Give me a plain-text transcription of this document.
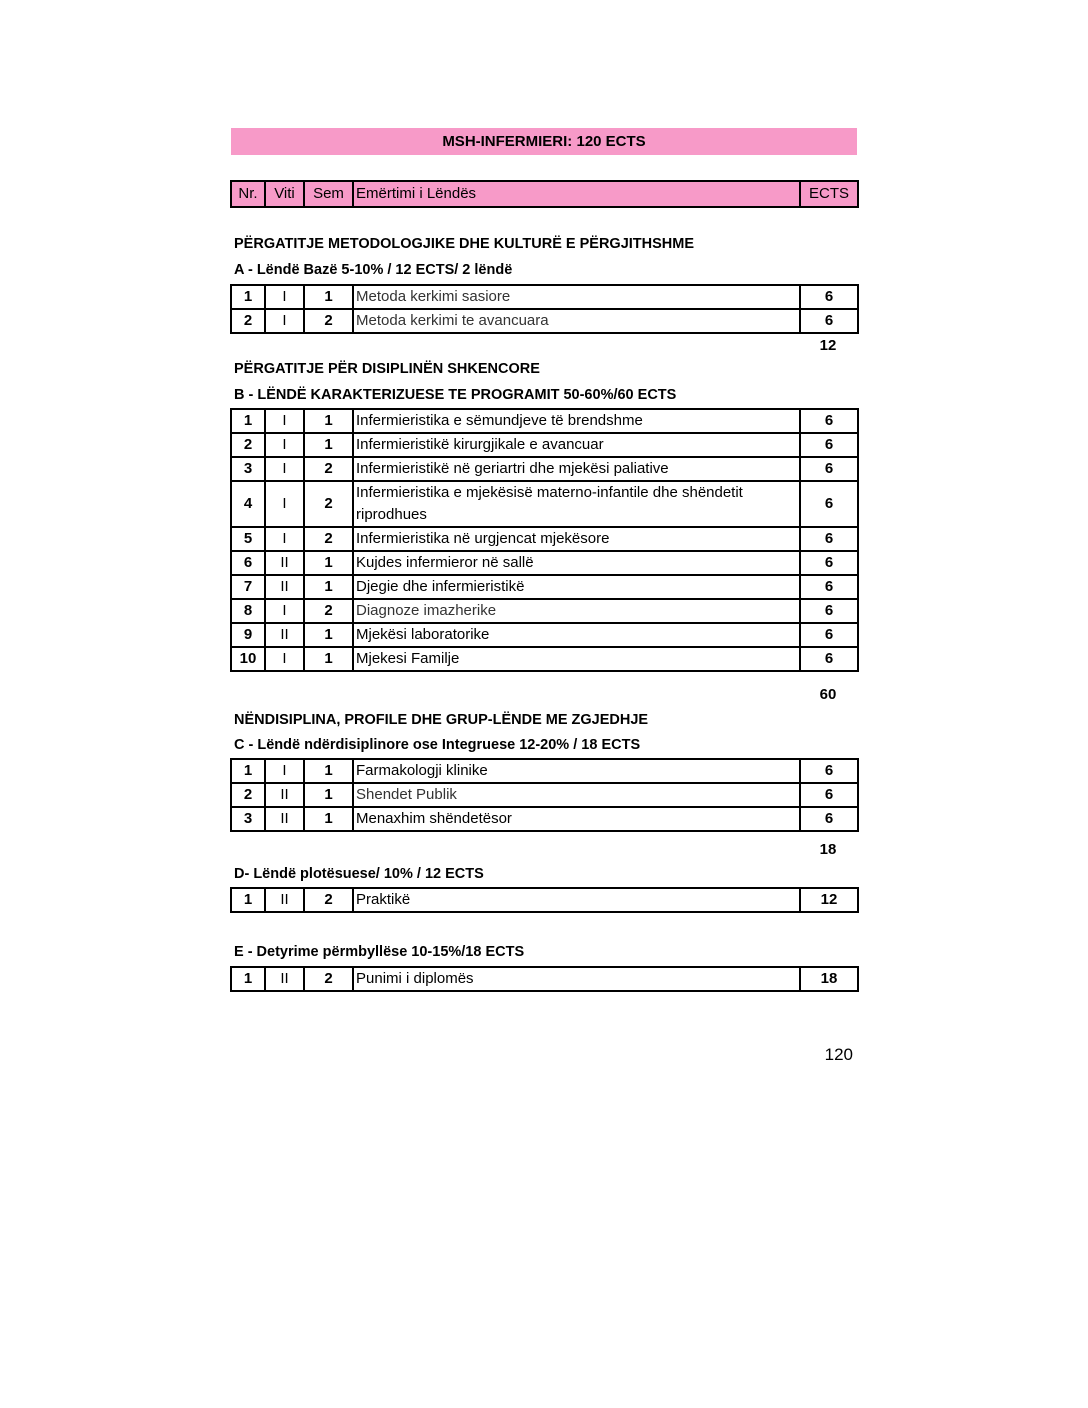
MSH-INFERMIERI: 120 ECTS
Nr.	Viti	Sem	Emërtimi i Lëndës	ECTS
PËRGATITJE METODOLOGJIKE DHE KULTURË E PËRGJITHSHME
A - Lëndë Bazë 5-10% / 12 ECTS/ 2 lëndë
1	I	1	Metoda kerkimi sasiore	6
2	I	2	Metoda kerkimi te avancuara	6
12
PËRGATITJE PËR DISIPLINËN SHKENCORE
B - LËNDË KARAKTERIZUESE TE PROGRAMIT 50-60%/60 ECTS
1	I	1	Infermieristika e sëmundjeve të brendshme	6
2	I	1	Infermieristikë kirurgjikale e avancuar	6
3	I	2	Infermieristikë në geriartri dhe mjekësi paliative	6
4	I	2	Infermieristika e mjekësisë materno-infantile dhe shëndetit riprodhues	6
5	I	2	Infermieristika në urgjencat mjekësore	6
6	II	1	Kujdes infermieror në sallë	6
7	II	1	Djegie dhe infermieristikë	6
8	I	2	Diagnoze imazherike	6
9	II	1	Mjekësi laboratorike	6
10	I	1	Mjekesi Familje	6
60
NËNDISIPLINA, PROFILE DHE GRUP-LËNDE ME ZGJEDHJE
C - Lëndë ndërdisiplinore ose Integruese 12-20% / 18 ECTS
1	I	1	Farmakologji klinike	6
2	II	1	Shendet Publik	6
3	II	1	Menaxhim shëndetësor	6
18
D- Lëndë plotësuese/ 10% / 12 ECTS
1	II	2	Praktikë	12
E - Detyrime përmbyllëse 10-15%/18 ECTS
1	II	2	Punimi i diplomës	18
120
